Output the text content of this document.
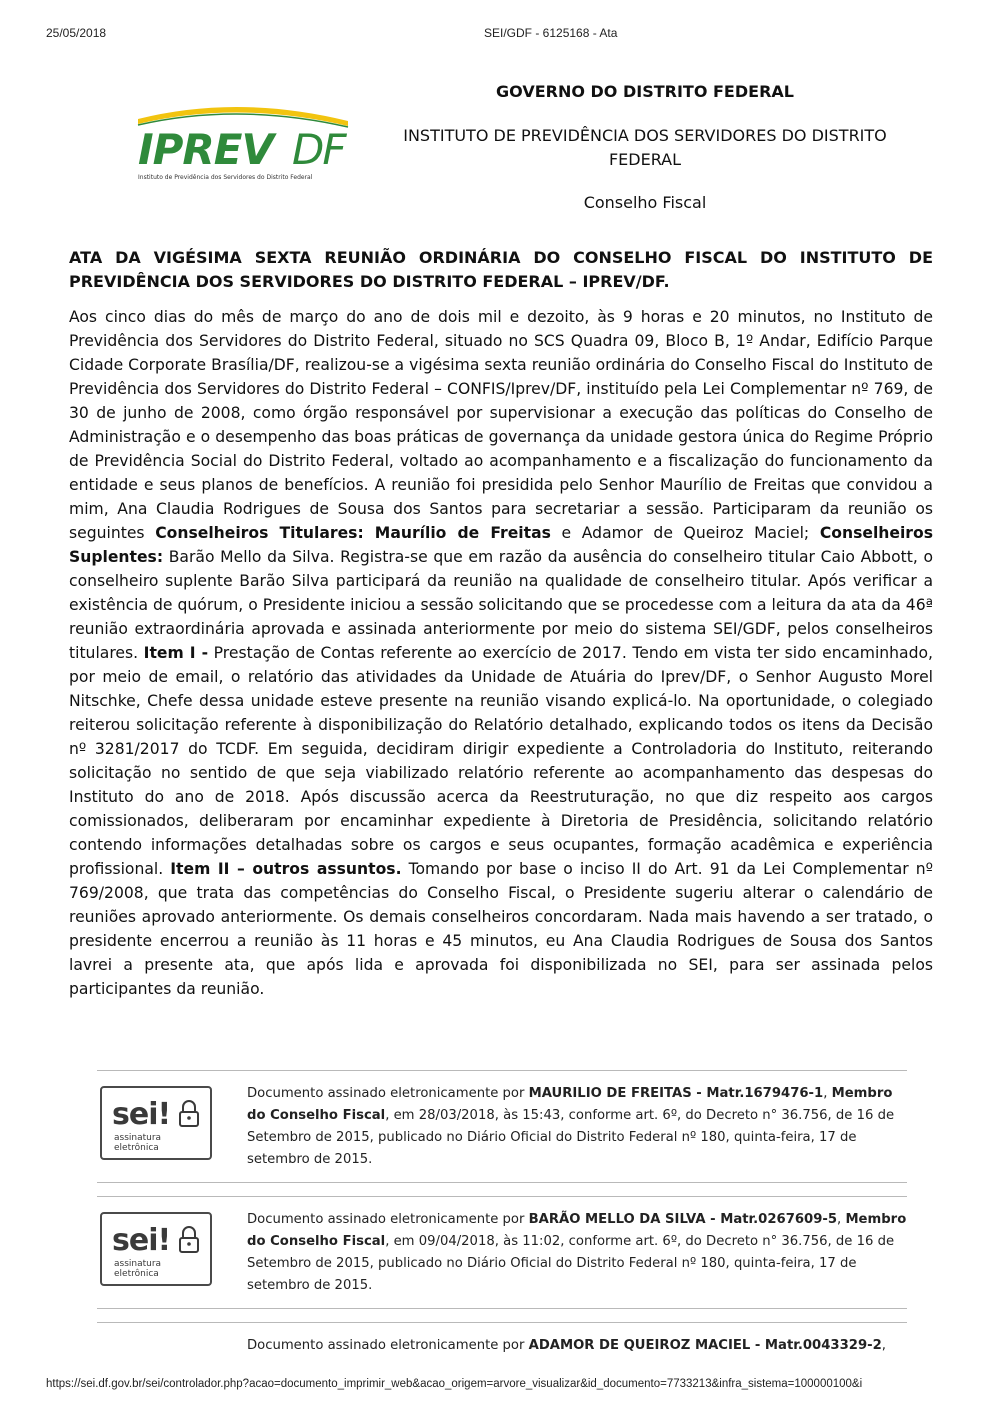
25/05/2018	SEI/GDF - 6125168 - Ata
IPREV DF
Instituto de Previdência dos Servidores do Distrito Federal
GOVERNO DO DISTRITO FEDERAL
INSTITUTO DE PREVIDÊNCIA DOS SERVIDORES DO DISTRITO FEDERAL
Conselho Fiscal
ATA DA VIGÉSIMA SEXTA REUNIÃO ORDINÁRIA DO CONSELHO FISCAL DO INSTITUTO DE PREVIDÊNCIA DOS SERVIDORES DO DISTRITO FEDERAL – IPREV/DF.
Aos cinco dias do mês de março do ano de dois mil e dezoito, às 9 horas e 20 minutos, no Instituto de Previdência dos Servidores do Distrito Federal, situado no SCS Quadra 09, Bloco B, 1º Andar, Edifício Parque Cidade Corporate Brasília/DF, realizou-se a vigésima sexta reunião ordinária do Conselho Fiscal do Instituto de Previdência dos Servidores do Distrito Federal – CONFIS/Iprev/DF, instituído pela Lei Complementar nº 769, de 30 de junho de 2008, como órgão responsável por supervisionar a execução das políticas do Conselho de Administração e o desempenho das boas práticas de governança da unidade gestora única do Regime Próprio de Previdência Social do Distrito Federal, voltado ao acompanhamento e a fiscalização do funcionamento da entidade e seus planos de benefícios. A reunião foi presidida pelo Senhor Maurílio de Freitas que convidou a mim, Ana Claudia Rodrigues de Sousa dos Santos para secretariar a sessão. Participaram da reunião os seguintes Conselheiros Titulares: Maurílio de Freitas e Adamor de Queiroz Maciel; Conselheiros Suplentes: Barão Mello da Silva. Registra-se que em razão da ausência do conselheiro titular Caio Abbott, o conselheiro suplente Barão Silva participará da reunião na qualidade de conselheiro titular. Após verificar a existência de quórum, o Presidente iniciou a sessão solicitando que se procedesse com a leitura da ata da 46ª reunião extraordinária aprovada e assinada anteriormente por meio do sistema SEI/GDF, pelos conselheiros titulares. Item I - Prestação de Contas referente ao exercício de 2017. Tendo em vista ter sido encaminhado, por meio de email, o relatório das atividades da Unidade de Atuária do Iprev/DF, o Senhor Augusto Morel Nitschke, Chefe dessa unidade esteve presente na reunião visando explicá-lo. Na oportunidade, o colegiado reiterou solicitação referente à disponibilização do Relatório detalhado, explicando todos os itens da Decisão nº 3281/2017 do TCDF. Em seguida, decidiram dirigir expediente a Controladoria do Instituto, reiterando solicitação no sentido de que seja viabilizado relatório referente ao acompanhamento das despesas do Instituto do ano de 2018. Após discussão acerca da Reestruturação, no que diz respeito aos cargos comissionados, deliberaram por encaminhar expediente à Diretoria de Presidência, solicitando relatório contendo informações detalhadas sobre os cargos e seus ocupantes, formação acadêmica e experiência profissional. Item II – outros assuntos. Tomando por base o inciso II do Art. 91 da Lei Complementar nº 769/2008, que trata das competências do Conselho Fiscal, o Presidente sugeriu alterar o calendário de reuniões aprovado anteriormente. Os demais conselheiros concordaram. Nada mais havendo a ser tratado, o presidente encerrou a reunião às 11 horas e 45 minutos, eu Ana Claudia Rodrigues de Sousa dos Santos lavrei a presente ata, que após lida e aprovada foi disponibilizada no SEI, para ser assinada pelos participantes da reunião.
sei!
assinatura
eletrônica
Documento assinado eletronicamente por MAURILIO DE FREITAS - Matr.1679476-1, Membro do Conselho Fiscal, em 28/03/2018, às 15:43, conforme art. 6º, do Decreto n° 36.756, de 16 de Setembro de 2015, publicado no Diário Oficial do Distrito Federal nº 180, quinta-feira, 17 de setembro de 2015.
sei!
assinatura
eletrônica
Documento assinado eletronicamente por BARÃO MELLO DA SILVA - Matr.0267609-5, Membro do Conselho Fiscal, em 09/04/2018, às 11:02, conforme art. 6º, do Decreto n° 36.756, de 16 de Setembro de 2015, publicado no Diário Oficial do Distrito Federal nº 180, quinta-feira, 17 de setembro de 2015.
Documento assinado eletronicamente por ADAMOR DE QUEIROZ MACIEL - Matr.0043329-2,
https://sei.df.gov.br/sei/controlador.php?acao=documento_imprimir_web&acao_origem=arvore_visualizar&id_documento=7733213&infra_sistema=100000100&i
